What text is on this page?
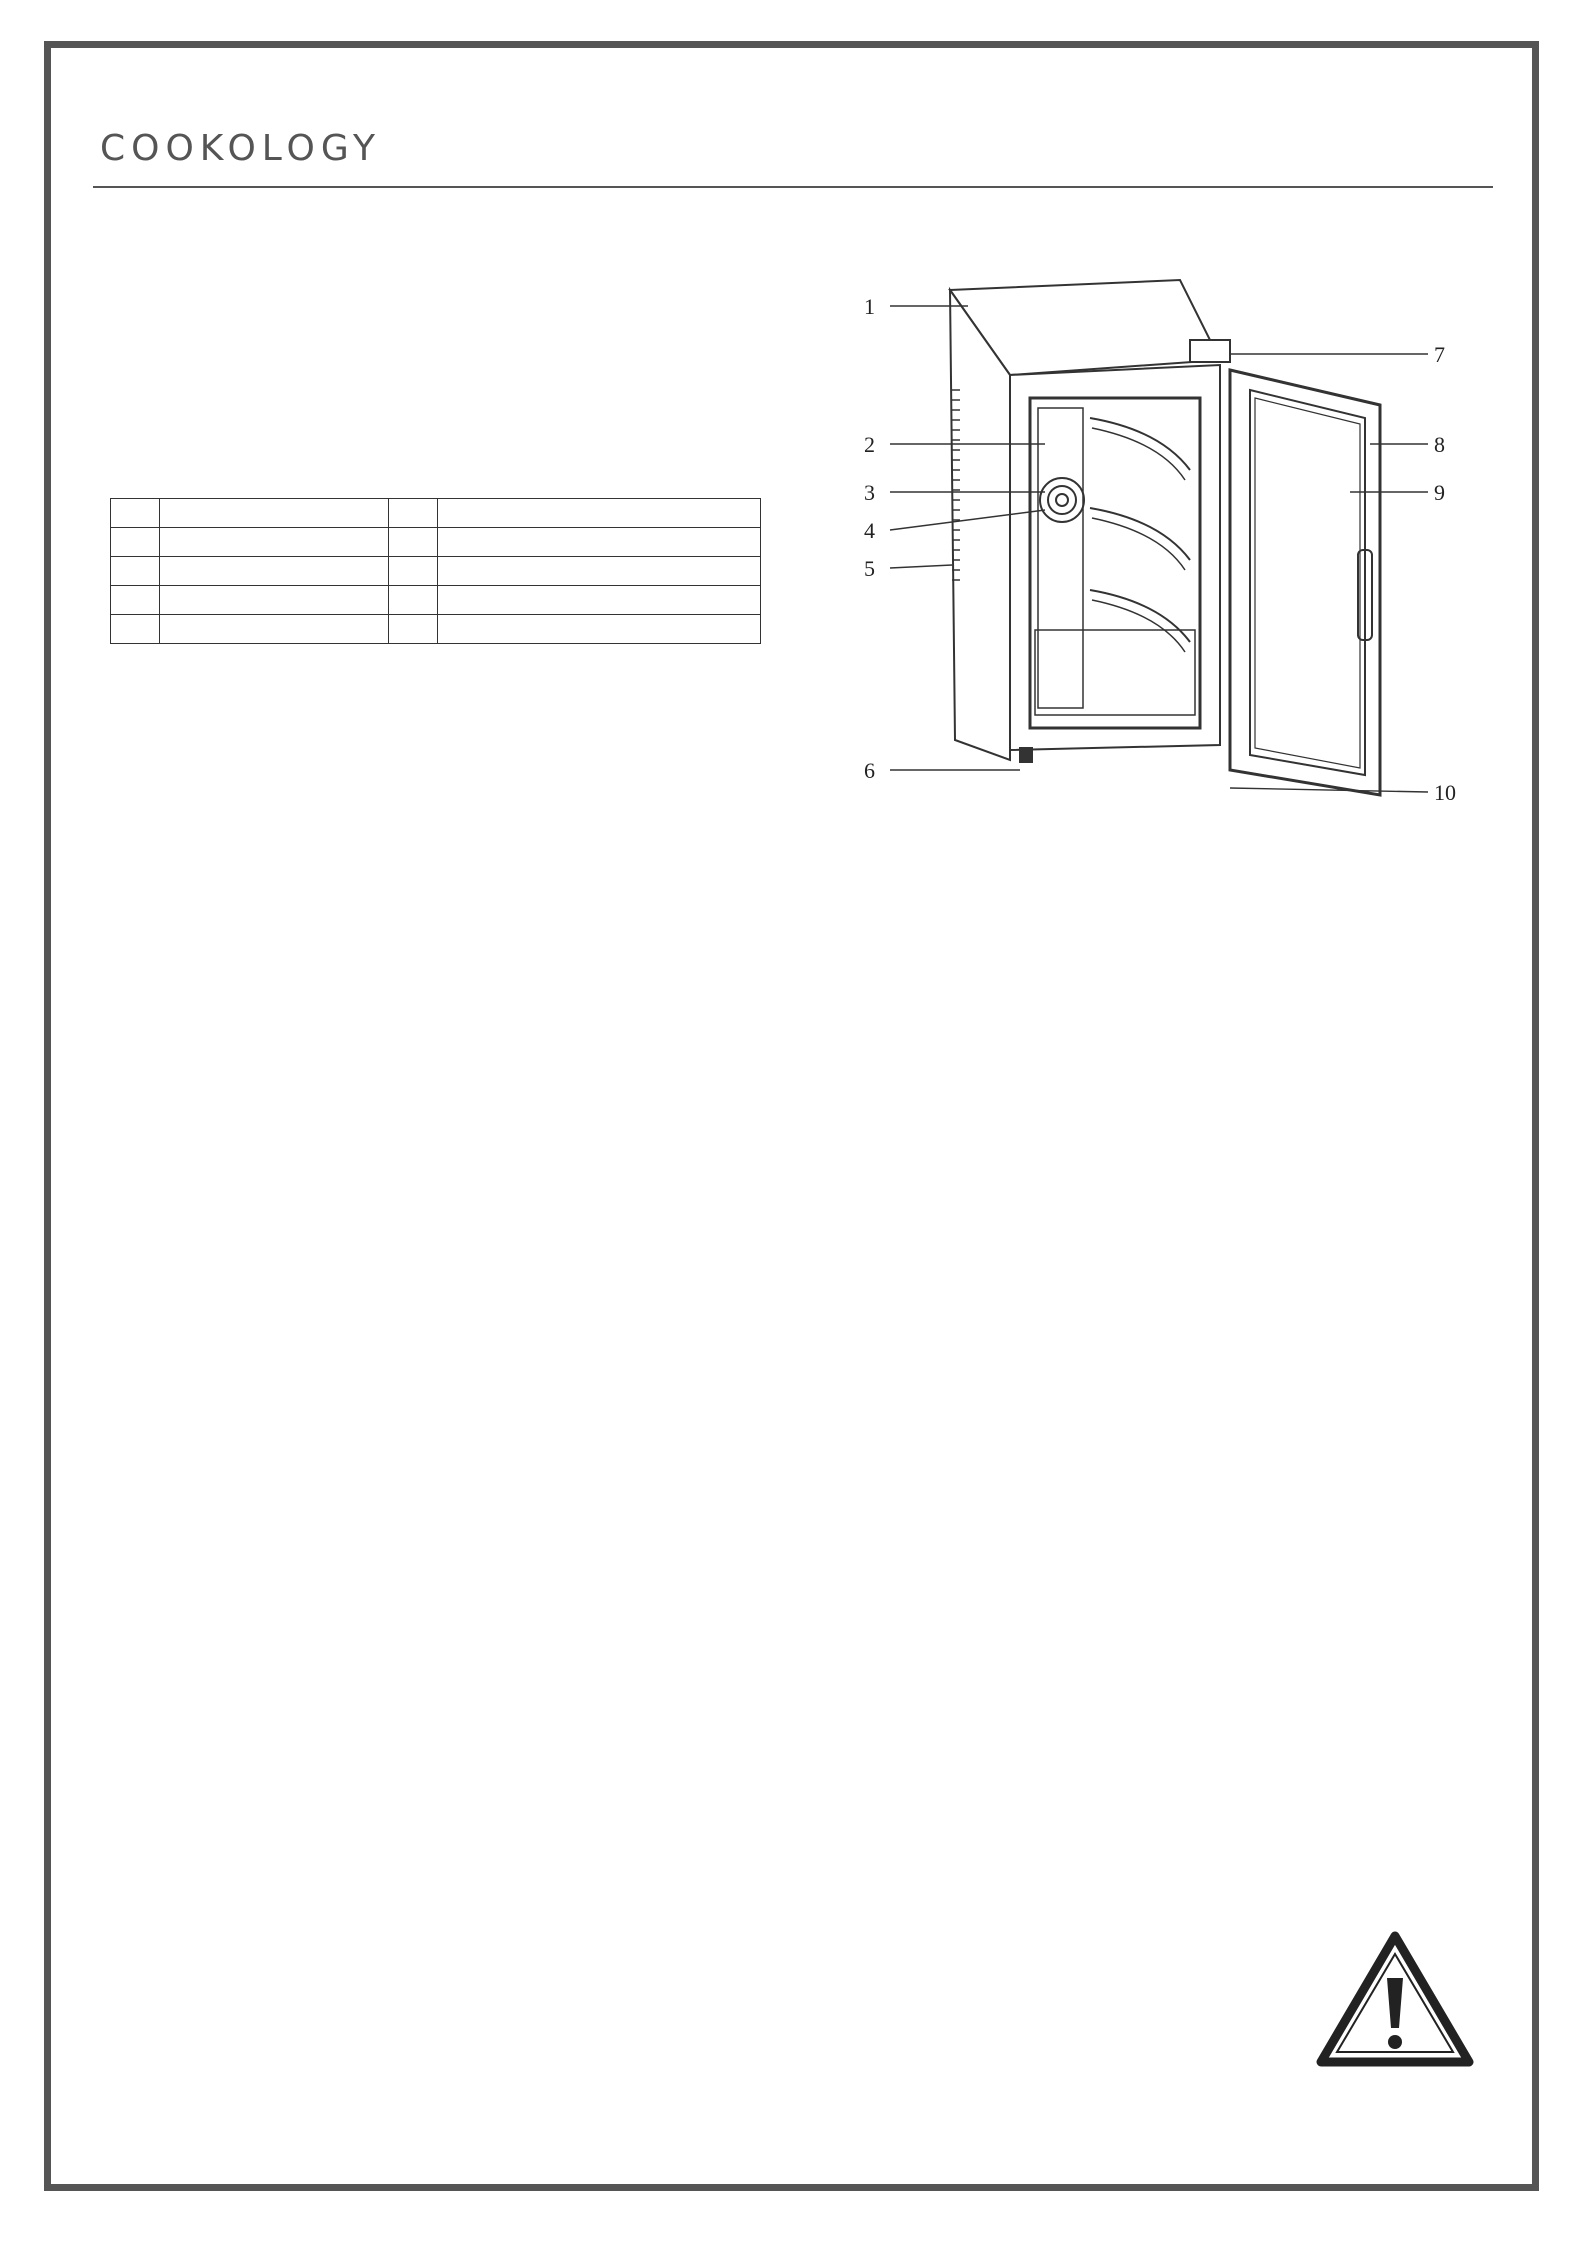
COOKOLOGY

1
2
3
4
5
6
7
8
9
10
